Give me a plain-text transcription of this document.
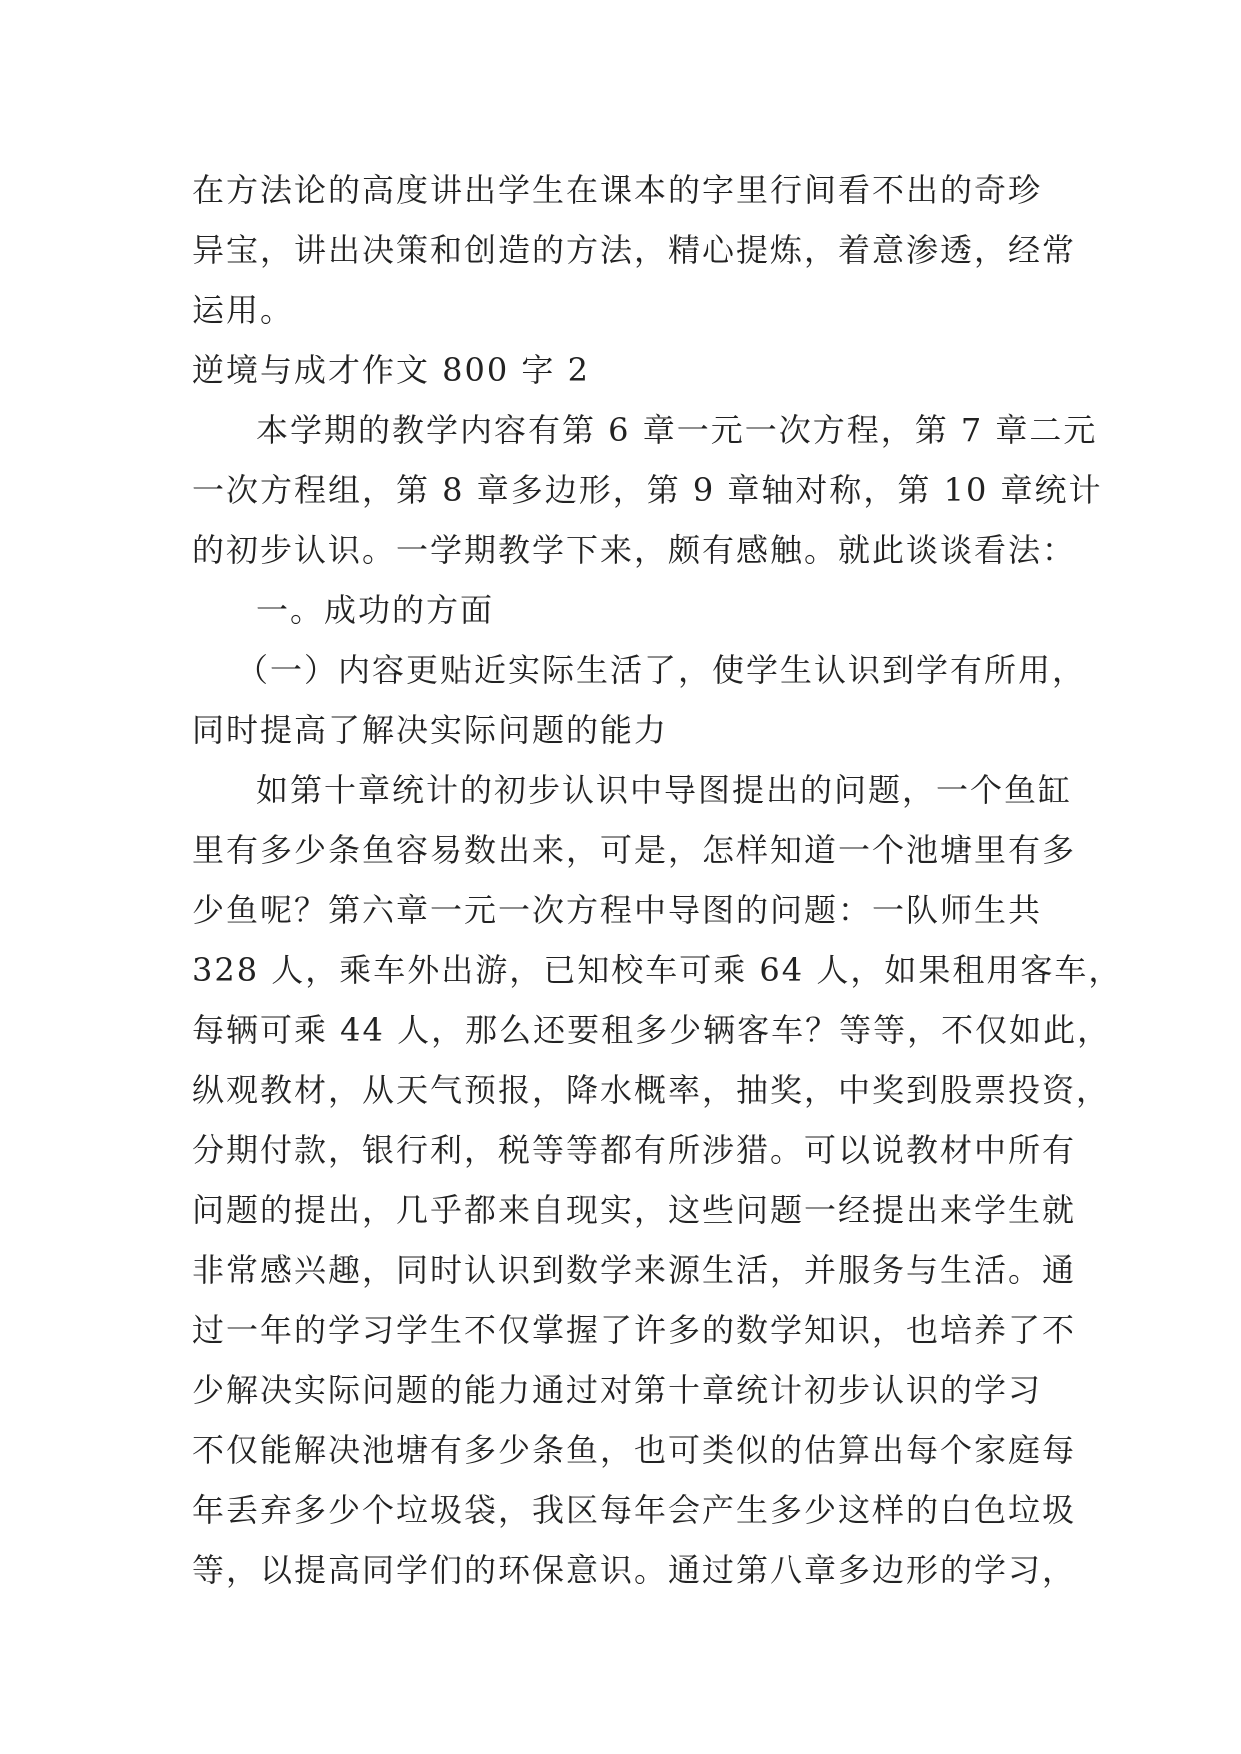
在方法论的高度讲出学生在课本的字里行间看不出的奇珍
异宝，讲出决策和创造的方法，精心提炼，着意渗透，经常
运用。
逆境与成才作文 800 字 2
本学期的教学内容有第 6 章一元一次方程，第 7 章二元
一次方程组，第 8 章多边形，第 9 章轴对称，第 10 章统计
的初步认识。一学期教学下来，颇有感触。就此谈谈看法：
一。成功的方面
（一）内容更贴近实际生活了，使学生认识到学有所用，
同时提高了解决实际问题的能力
如第十章统计的初步认识中导图提出的问题，一个鱼缸
里有多少条鱼容易数出来，可是，怎样知道一个池塘里有多
少鱼呢？第六章一元一次方程中导图的问题：一队师生共
328 人，乘车外出游，已知校车可乘 64 人，如果租用客车，
每辆可乘 44 人，那么还要租多少辆客车？等等，不仅如此，
纵观教材，从天气预报，降水概率，抽奖，中奖到股票投资，
分期付款，银行利，税等等都有所涉猎。可以说教材中所有
问题的提出，几乎都来自现实，这些问题一经提出来学生就
非常感兴趣，同时认识到数学来源生活，并服务与生活。通
过一年的学习学生不仅掌握了许多的数学知识，也培养了不
少解决实际问题的能力通过对第十章统计初步认识的学习
不仅能解决池塘有多少条鱼，也可类似的估算出每个家庭每
年丢弃多少个垃圾袋，我区每年会产生多少这样的白色垃圾
等，以提高同学们的环保意识。通过第八章多边形的学习，
